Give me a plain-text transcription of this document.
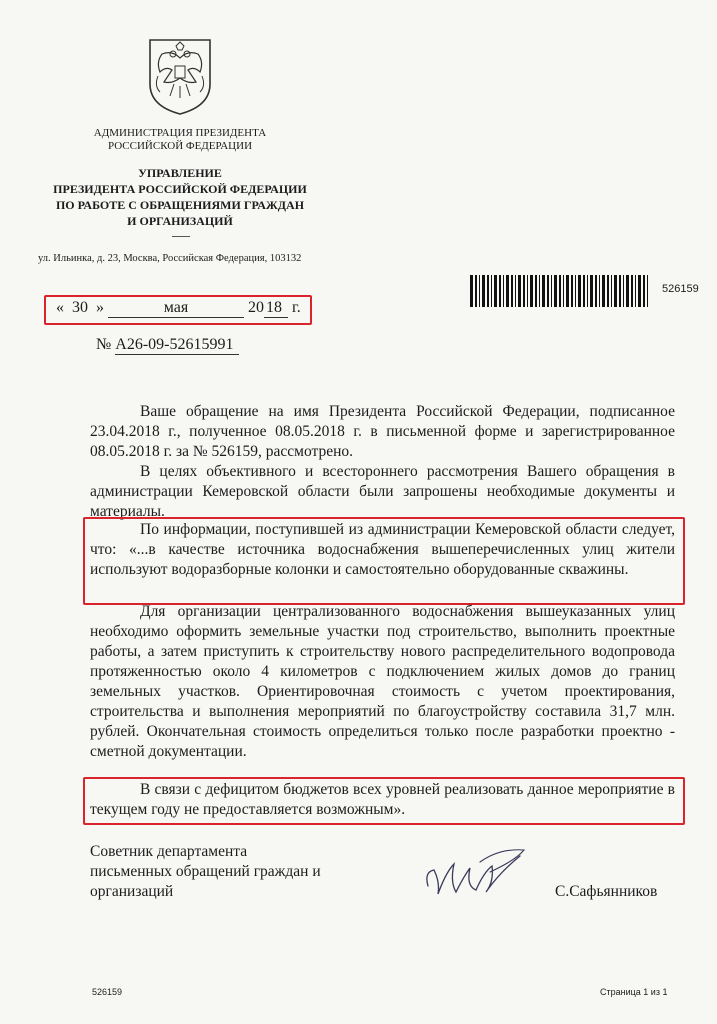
АДМИНИСТРАЦИЯ ПРЕЗИДЕНТА
РОССИЙСКОЙ ФЕДЕРАЦИИ
УПРАВЛЕНИЕ
ПРЕЗИДЕНТА РОССИЙСКОЙ ФЕДЕРАЦИИ
ПО РАБОТЕ С ОБРАЩЕНИЯМИ ГРАЖДАН
И ОРГАНИЗАЦИЙ
ул. Ильинка, д. 23, Москва, Российская Федерация, 103132
526159
« 30 »	мая	20 18 г.
№ А26-09-52615991
Ваше обращение на имя Президента Российской Федерации, подписанное 23.04.2018 г., полученное 08.05.2018 г. в письменной форме и зарегистрированное 08.05.2018 г. за № 526159, рассмотрено.
В целях объективного и всестороннего рассмотрения Вашего обращения в администрации Кемеровской области были запрошены необходимые документы и материалы.
По информации, поступившей из администрации Кемеровской области следует, что: «...в качестве источника водоснабжения вышеперечисленных улиц жители используют водоразборные колонки и самостоятельно оборудованные скважины.
Для организации централизованного водоснабжения вышеуказанных улиц необходимо оформить земельные участки под строительство, выполнить проектные работы, а затем приступить к строительству нового распределительного водопровода протяженностью около 4 километров с подключением жилых домов до границ земельных участков. Ориентировочная стоимость с учетом проектирования, строительства и выполнения мероприятий по благоустройству составила 31,7 млн. рублей. Окончательная стоимость определиться только после разработки проектно - сметной документации.
В связи с дефицитом бюджетов всех уровней реализовать данное мероприятие в текущем году не предоставляется возможным».
Советник департамента
письменных обращений граждан и
организаций	С.Сафьянников
526159	Страница 1 из 1
